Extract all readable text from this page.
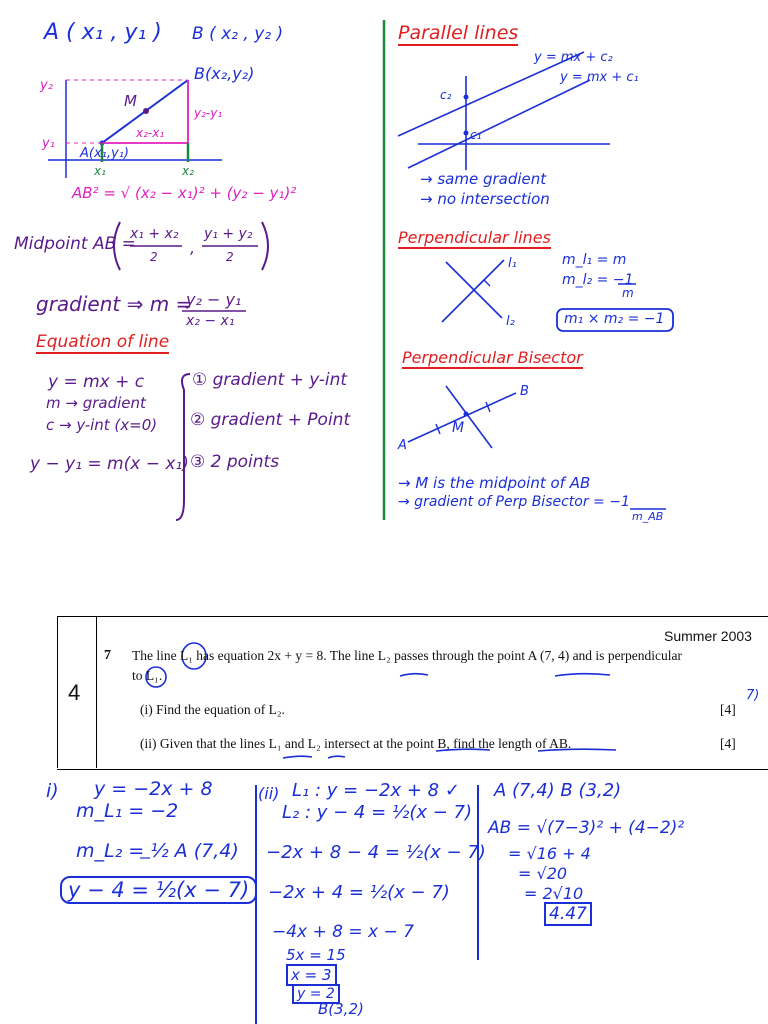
A ( x₁ , y₁ ) B ( x₂ , y₂ )
y₂
y₁
B(x₂,y₂)
M
A(x₁,y₁)
y₂-y₁
x₂-x₁
x₁	x₂
AB² = √ (x₂ − x₁)² + (y₂ − y₁)²
Midpoint AB =
x₁ + x₂
2 ,
y₁ + y₂
2
gradient ⇒ m =
y₂ − y₁
x₂ − x₁
Equation of line
y = mx + c
m → gradient
c → y-int (x=0)
y − y₁ = m(x − x₁)
① gradient + y-int
② gradient + Point
③ 2 points
Parallel lines
y = mx + c₂
y = mx + c₁
c₂
c₁
→ same gradient
→ no intersection
Perpendicular lines
l₁
l₂
m_l₁ = m
m_l₂ = −1
m
m₁ × m₂ = −1
Perpendicular Bisector
A
B
M
→ M is the midpoint of AB
→ gradient of Perp Bisector = −1
m_AB
4
Summer 2003
7 The line L₁ has equation 2x + y = 8. The line L₂ passes through the point A (7, 4) and is perpendicular
to L₁.
(i) Find the equation of L₂.	[4]
(ii) Given that the lines L₁ and L₂ intersect at the point B, find the length of AB.	[4]
7)
i) y = −2x + 8
m_L₁ = −2
m_L₂ = ½ A (7,4)
y − 4 = ½(x − 7)
(ii) L₁ : y = −2x + 8 ✓
L₂ : y − 4 = ½(x − 7)
−2x + 8 − 4 = ½(x − 7)
−2x + 4 = ½(x − 7)
−4x + 8 = x − 7
5x = 15
x = 3
y = 2
B(3,2)
A (7,4) B (3,2)
AB = √(7−3)² + (4−2)²
= √16 + 4
= √20
= 2√10
4.47
